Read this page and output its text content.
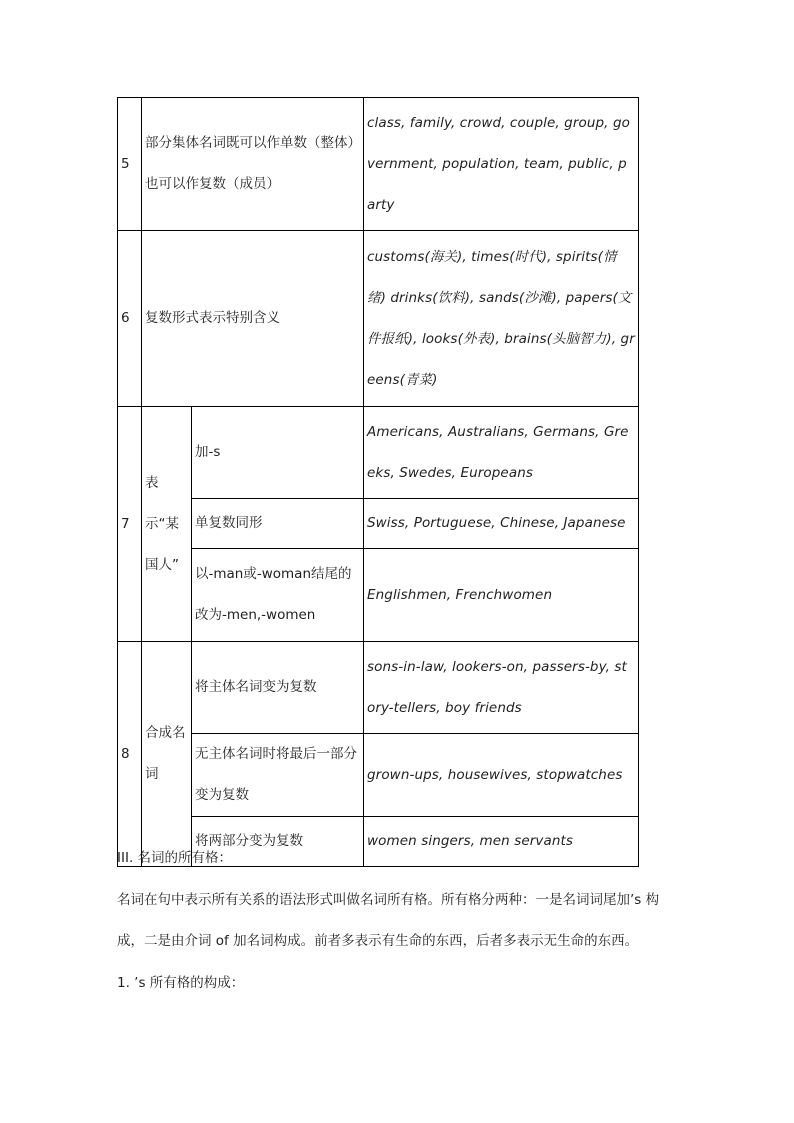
5	部分集体名词既可以作单数（整体）也可以作复数（成员）		class, family, crowd, couple, group, government, population, team, public, party
6	复数形式表示特别含义		customs(海关), times(时代), spirits(情绪) drinks(饮料), sands(沙滩), papers(文件报纸), looks(外表), brains(头脑智力), greens(青菜)
7	表示“某国人”	加-s	Americans, Australians, Germans, Greeks, Swedes, Europeans
		单复数同形	Swiss, Portuguese, Chinese, Japanese
		以-man或-woman结尾的改为-men,-women	Englishmen, Frenchwomen
8	合成名词	将主体名词变为复数	sons-in-law, lookers-on, passers-by, story-tellers, boy friends
		无主体名词时将最后一部分变为复数	grown-ups, housewives, stopwatches
		将两部分变为复数	women singers, men servants
III. 名词的所有格：
名词在句中表示所有关系的语法形式叫做名词所有格。所有格分两种：一是名词词尾加’s 构成，二是由介词 of 加名词构成。前者多表示有生命的东西，后者多表示无生命的东西。
1. ’s 所有格的构成：
